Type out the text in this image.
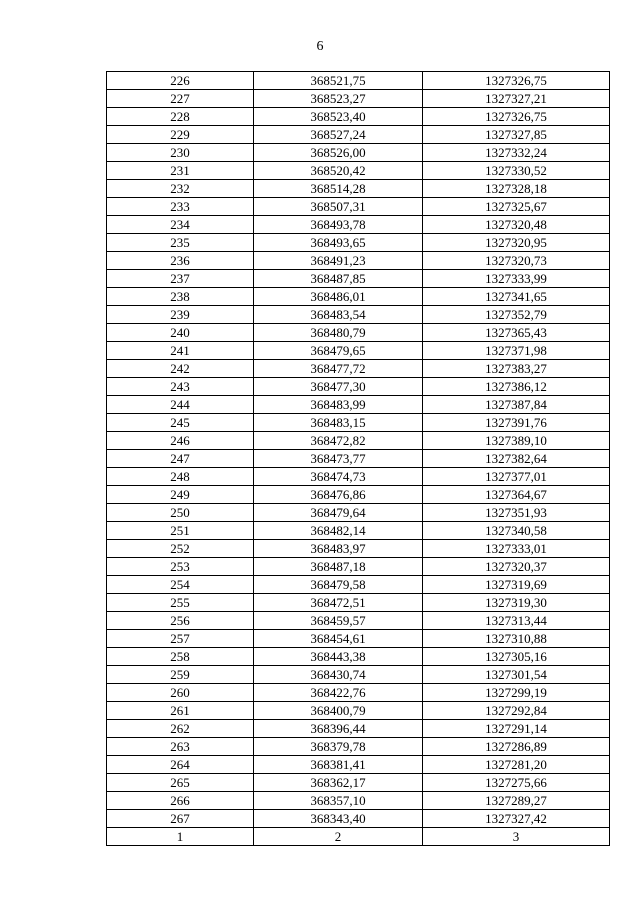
6
226	368521,75	1327326,75
227	368523,27	1327327,21
228	368523,40	1327326,75
229	368527,24	1327327,85
230	368526,00	1327332,24
231	368520,42	1327330,52
232	368514,28	1327328,18
233	368507,31	1327325,67
234	368493,78	1327320,48
235	368493,65	1327320,95
236	368491,23	1327320,73
237	368487,85	1327333,99
238	368486,01	1327341,65
239	368483,54	1327352,79
240	368480,79	1327365,43
241	368479,65	1327371,98
242	368477,72	1327383,27
243	368477,30	1327386,12
244	368483,99	1327387,84
245	368483,15	1327391,76
246	368472,82	1327389,10
247	368473,77	1327382,64
248	368474,73	1327377,01
249	368476,86	1327364,67
250	368479,64	1327351,93
251	368482,14	1327340,58
252	368483,97	1327333,01
253	368487,18	1327320,37
254	368479,58	1327319,69
255	368472,51	1327319,30
256	368459,57	1327313,44
257	368454,61	1327310,88
258	368443,38	1327305,16
259	368430,74	1327301,54
260	368422,76	1327299,19
261	368400,79	1327292,84
262	368396,44	1327291,14
263	368379,78	1327286,89
264	368381,41	1327281,20
265	368362,17	1327275,66
266	368357,10	1327289,27
267	368343,40	1327327,42
1	2	3
